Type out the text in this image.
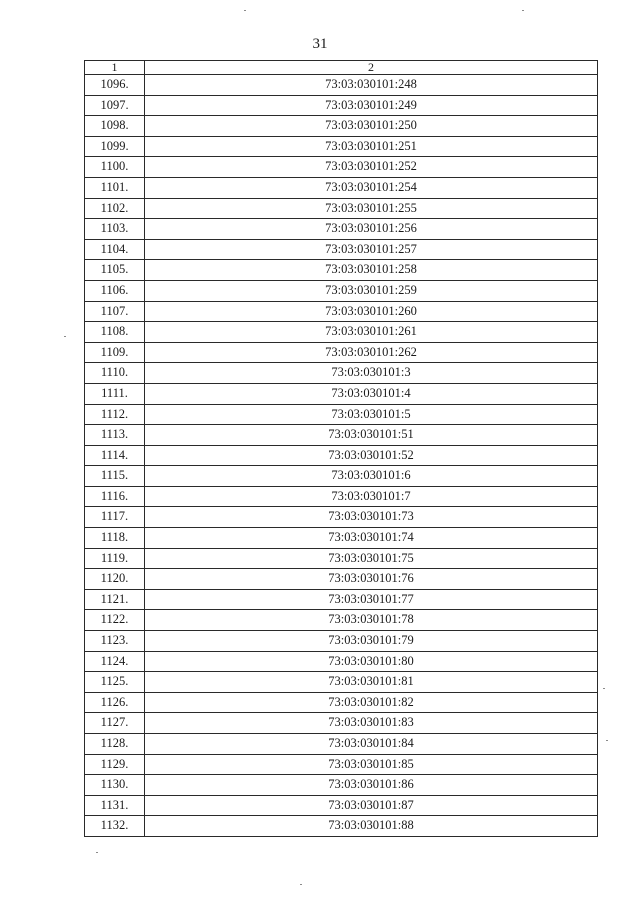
31
1	2
1096.	73:03:030101:248
1097.	73:03:030101:249
1098.	73:03:030101:250
1099.	73:03:030101:251
1100.	73:03:030101:252
1101.	73:03:030101:254
1102.	73:03:030101:255
1103.	73:03:030101:256
1104.	73:03:030101:257
1105.	73:03:030101:258
1106.	73:03:030101:259
1107.	73:03:030101:260
1108.	73:03:030101:261
1109.	73:03:030101:262
1110.	73:03:030101:3
1111.	73:03:030101:4
1112.	73:03:030101:5
1113.	73:03:030101:51
1114.	73:03:030101:52
1115.	73:03:030101:6
1116.	73:03:030101:7
1117.	73:03:030101:73
1118.	73:03:030101:74
1119.	73:03:030101:75
1120.	73:03:030101:76
1121.	73:03:030101:77
1122.	73:03:030101:78
1123.	73:03:030101:79
1124.	73:03:030101:80
1125.	73:03:030101:81
1126.	73:03:030101:82
1127.	73:03:030101:83
1128.	73:03:030101:84
1129.	73:03:030101:85
1130.	73:03:030101:86
1131.	73:03:030101:87
1132.	73:03:030101:88
